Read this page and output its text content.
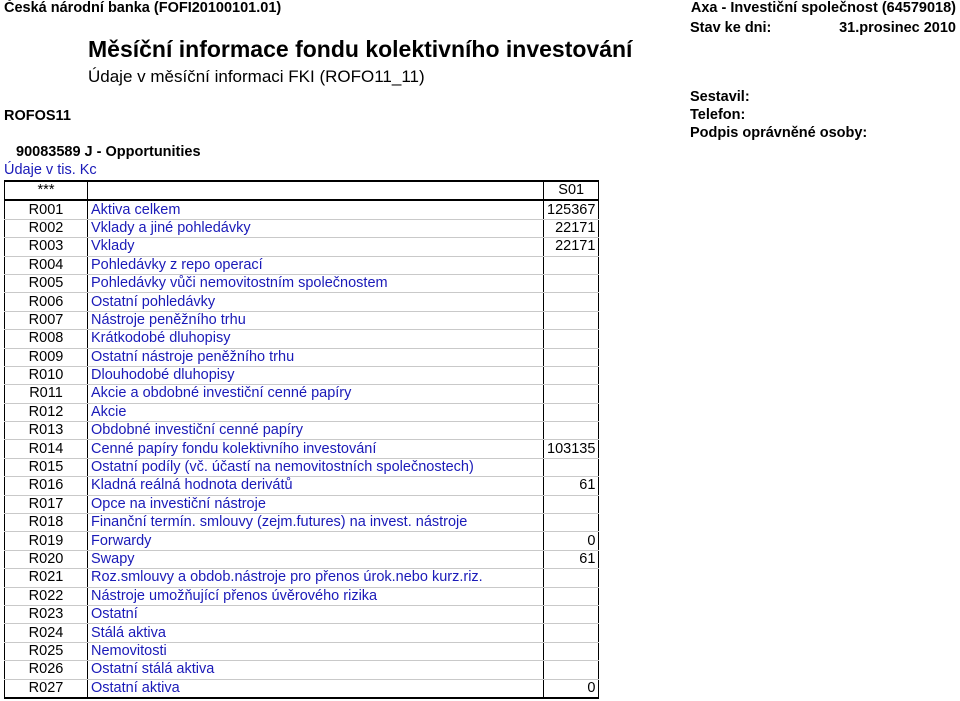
Česká národní banka (FOFI20100101.01)
Měsíční informace fondu kolektivního investování
Údaje v měsíční informaci FKI (ROFO11_11)
ROFOS11
90083589 J - Opportunities
Údaje v tis. Kc
Axa - Investiční společnost (64579018)
Stav ke dni:	31.prosinec 2010
Sestavil:
Telefon:
Podpis oprávněné osoby:
***		S01
R001	Aktiva celkem	125367
R002	Vklady a jiné pohledávky	22171
R003	Vklady	22171
R004	Pohledávky z repo operací	
R005	Pohledávky vůči nemovitostním společnostem	
R006	Ostatní pohledávky	
R007	Nástroje peněžního trhu	
R008	Krátkodobé dluhopisy	
R009	Ostatní nástroje peněžního trhu	
R010	Dlouhodobé dluhopisy	
R011	Akcie a obdobné investiční cenné papíry	
R012	Akcie	
R013	Obdobné investiční cenné papíry	
R014	Cenné papíry fondu kolektivního investování	103135
R015	Ostatní podíly (vč. účastí na nemovitostních společnostech)	
R016	Kladná reálná hodnota derivátů	61
R017	Opce na investiční nástroje	
R018	Finanční termín. smlouvy (zejm.futures) na invest. nástroje	
R019	Forwardy	0
R020	Swapy	61
R021	Roz.smlouvy a obdob.nástroje pro přenos úrok.nebo kurz.riz.	
R022	Nástroje umožňující přenos úvěrového rizika	
R023	Ostatní	
R024	Stálá aktiva	
R025	Nemovitosti	
R026	Ostatní stálá aktiva	
R027	Ostatní aktiva	0
